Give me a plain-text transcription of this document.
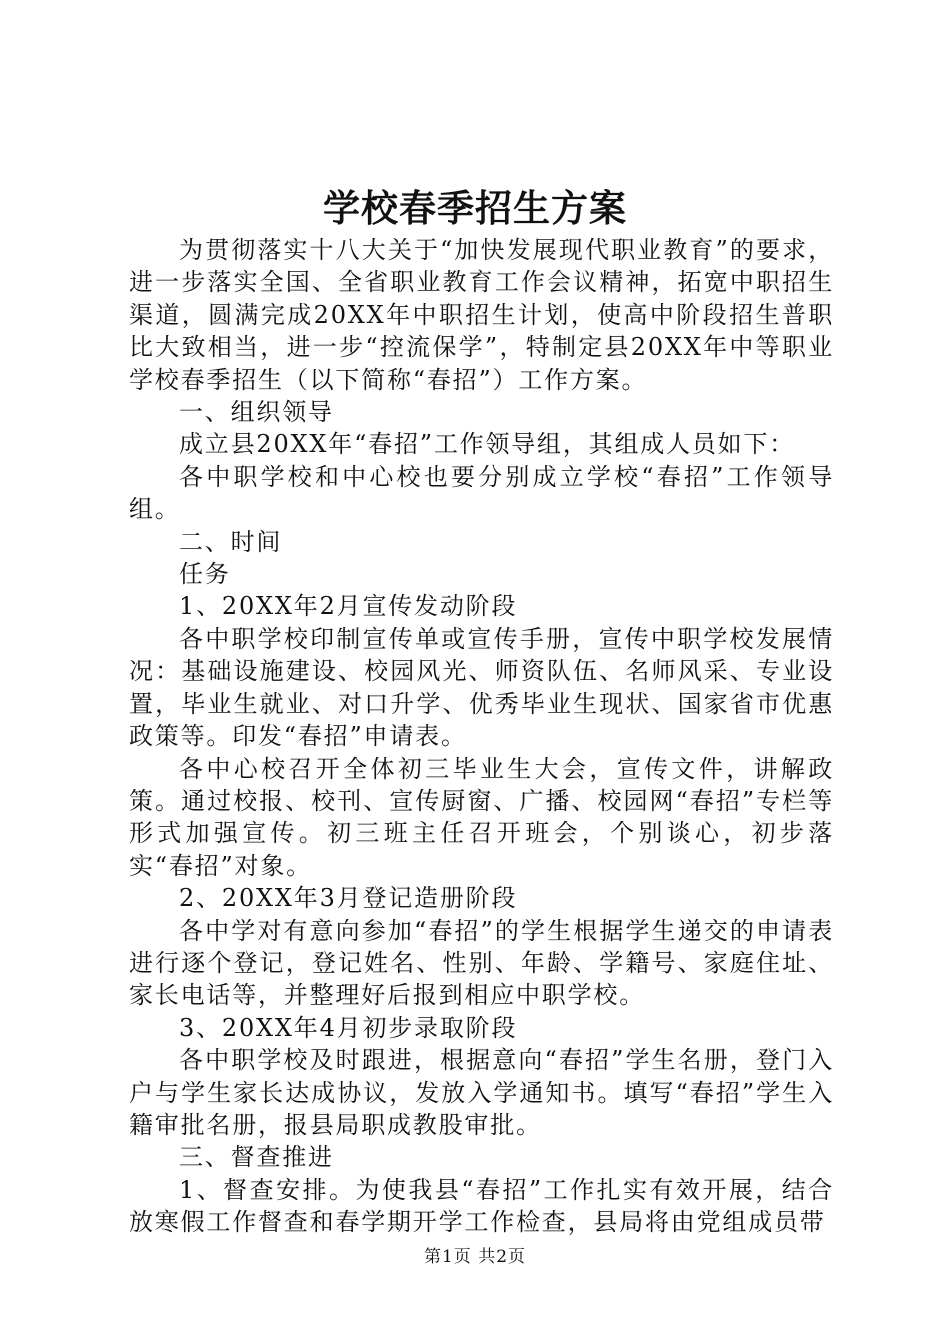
学校春季招生方案

为贯彻落实十八大关于“加快发展现代职业教育”的要求，进一步落实全国、全省职业教育工作会议精神，拓宽中职招生渠道，圆满完成20XX年中职招生计划，使高中阶段招生普职比大致相当，进一步“控流保学”，特制定县20XX年中等职业学校春季招生（以下简称“春招”）工作方案。

一、组织领导

成立县20XX年“春招”工作领导组，其组成人员如下：

各中职学校和中心校也要分别成立学校“春招”工作领导组。

二、时间

任务

1、20XX年2月宣传发动阶段

各中职学校印制宣传单或宣传手册，宣传中职学校发展情况：基础设施建设、校园风光、师资队伍、名师风采、专业设置，毕业生就业、对口升学、优秀毕业生现状、国家省市优惠政策等。印发“春招”申请表。

各中心校召开全体初三毕业生大会，宣传文件，讲解政策。通过校报、校刊、宣传厨窗、广播、校园网“春招”专栏等形式加强宣传。初三班主任召开班会，个别谈心，初步落实“春招”对象。

2、20XX年3月登记造册阶段

各中学对有意向参加“春招”的学生根据学生递交的申请表进行逐个登记，登记姓名、性别、年龄、学籍号、家庭住址、家长电话等，并整理好后报到相应中职学校。

3、20XX年4月初步录取阶段

各中职学校及时跟进，根据意向“春招”学生名册，登门入户与学生家长达成协议，发放入学通知书。填写“春招”学生入籍审批名册，报县局职成教股审批。

三、督查推进

1、督查安排。为使我县“春招”工作扎实有效开展，结合放寒假工作督查和春学期开学工作检查，县局将由党组成员带

第1页 共2页
